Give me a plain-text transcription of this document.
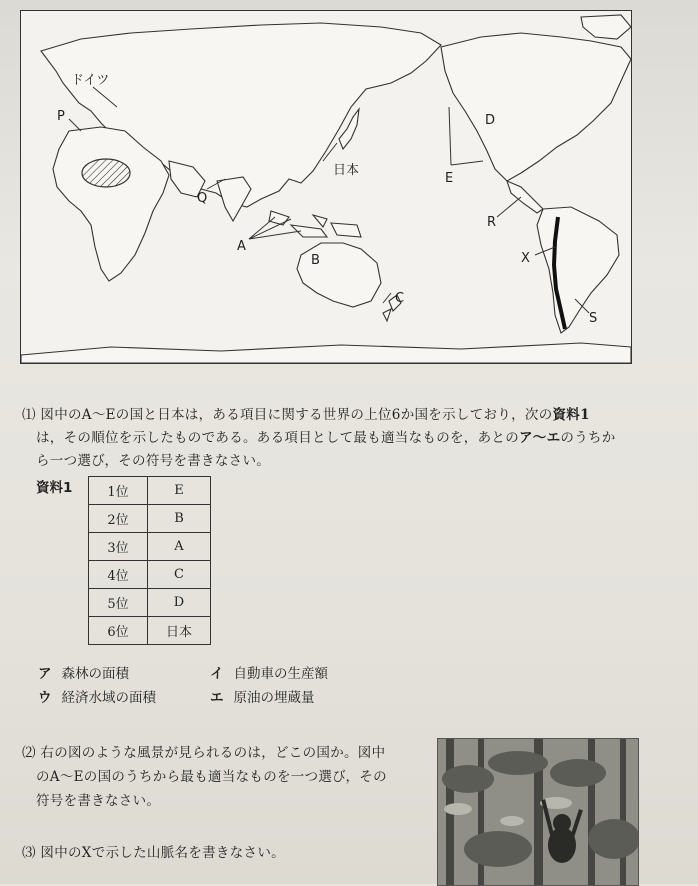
ドイツ
P
日本
Q
A
B
C
D
E
R
X
S
⑴ 図中のA～Eの国と日本は，ある項目に関する世界の上位6か国を示しており，次の資料1
は，その順位を示したものである。ある項目として最も適当なものを，あとのア～エのうちか
ら一つ選び，その符号を書きなさい。
資料1	1位	E
2位	B
3位	A
4位	C
5位	D
6位	日本
ア 森林の面積	イ 自動車の生産額
ウ 経済水域の面積	エ 原油の埋蔵量
⑵ 右の図のような風景が見られるのは，どこの国か。図中
のA～Eの国のうちから最も適当なものを一つ選び，その
符号を書きなさい。
⑶ 図中のXで示した山脈名を書きなさい。
